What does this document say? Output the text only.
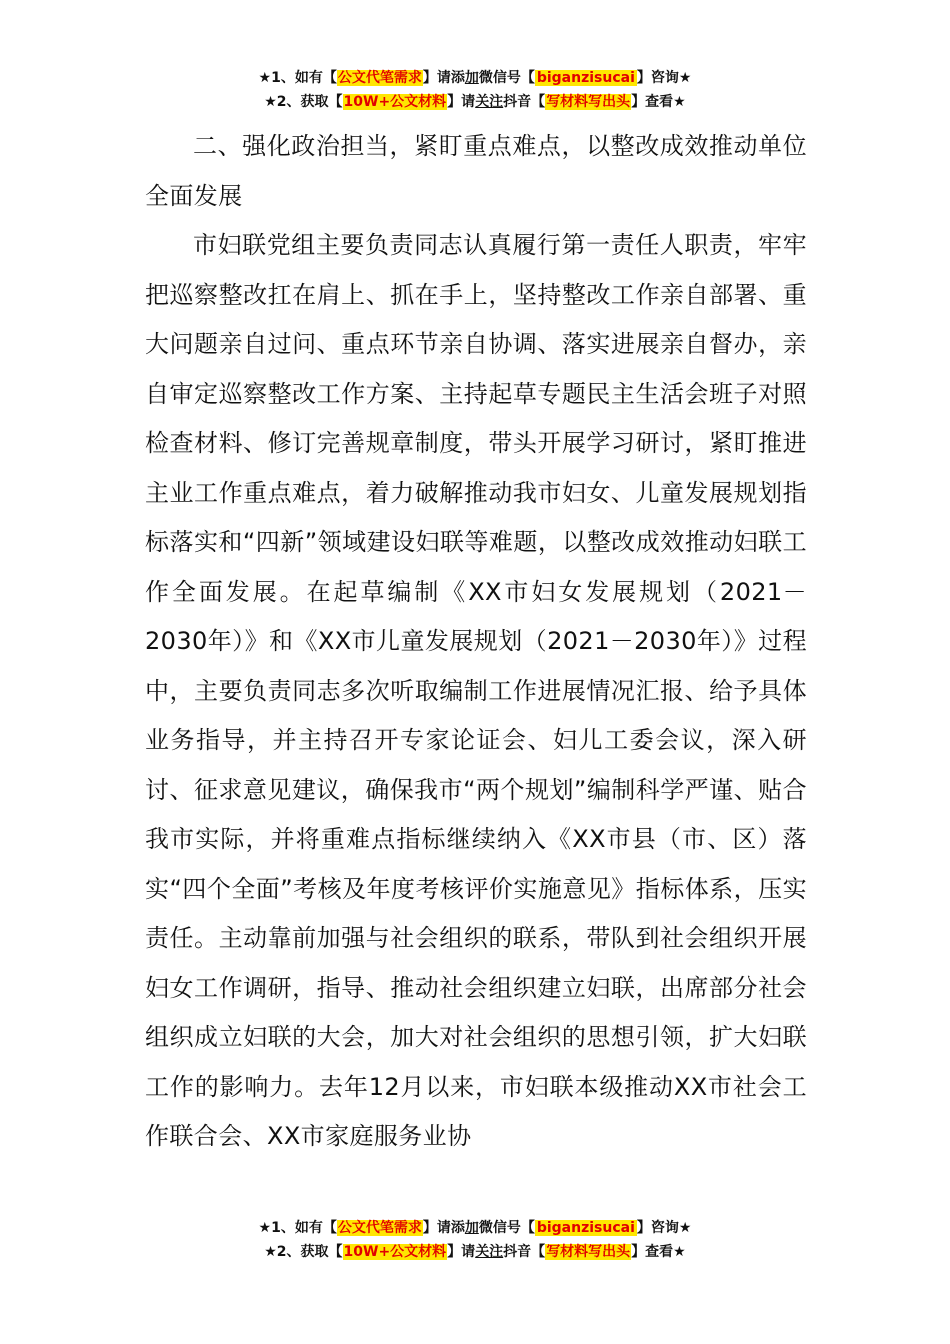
★1、如有【公文代笔需求】请添加微信号【 biganzisucai 】咨询★
★2、获取【10W+公文材料】请关注抖音【写材料写出头】查看★

二、强化政治担当，紧盯重点难点，以整改成效推动单位全面发展

市妇联党组主要负责同志认真履行第一责任人职责，牢牢把巡察整改扛在肩上、抓在手上，坚持整改工作亲自部署、重大问题亲自过问、重点环节亲自协调、落实进展亲自督办，亲自审定巡察整改工作方案、主持起草专题民主生活会班子对照检查材料、修订完善规章制度，带头开展学习研讨，紧盯推进主业工作重点难点，着力破解推动我市妇女、儿童发展规划指标落实和“四新”领域建设妇联等难题，以整改成效推动妇联工作全面发展。在起草编制《XX市妇女发展规划（2021－2030年）》和《XX市儿童发展规划（2021－2030年）》过程中，主要负责同志多次听取编制工作进展情况汇报、给予具体业务指导，并主持召开专家论证会、妇儿工委会议，深入研讨、征求意见建议，确保我市“两个规划”编制科学严谨、贴合我市实际，并将重难点指标继续纳入《XX市县（市、区）落实“四个全面”考核及年度考核评价实施意见》指标体系，压实责任。主动靠前加强与社会组织的联系，带队到社会组织开展妇女工作调研，指导、推动社会组织建立妇联，出席部分社会组织成立妇联的大会，加大对社会组织的思想引领，扩大妇联工作的影响力。去年12月以来，市妇联本级推动XX市社会工作联合会、XX市家庭服务业协

★1、如有【公文代笔需求】请添加微信号【 biganzisucai 】咨询★
★2、获取【10W+公文材料】请关注抖音【写材料写出头】查看★
